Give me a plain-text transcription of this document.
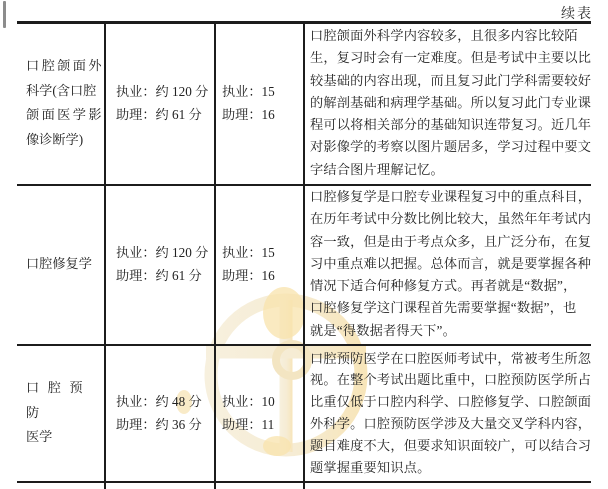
续表
口腔颌面外
科学(含口腔
颌面医学影
像诊断学)
执业：约 120 分
助理：约 61 分
执业：15
助理：16
口腔颌面外科学内容较多，且很多内容比较陌
生，复习时会有一定难度。但是考试中主要以比
较基础的内容出现，而且复习此门学科需要较好
的解剖基础和病理学基础。所以复习此门专业课
程可以将相关部分的基础知识连带复习。近几年
对影像学的考察以图片题居多，学习过程中要文
字结合图片理解记忆。
口腔修复学
执业：约 120 分
助理：约 61 分
执业：15
助理：16
口腔修复学是口腔专业课程复习中的重点科目，
在历年考试中分数比例比较大，虽然年年考试内
容一致，但是由于考点众多，且广泛分布，在复
习中重点难以把握。总体而言，就是要掌握各种
情况下适合何种修复方式。再者就是“数据”，
口腔修复学这门课程首先需要掌握“数据”，也
就是“得数据者得天下”。
口腔预防
医学
执业：约 48 分
助理：约 36 分
执业：10
助理：11
口腔预防医学在口腔医师考试中，常被考生所忽
视。在整个考试出题比重中，口腔预防医学所占
比重仅低于口腔内科学、口腔修复学、口腔颌面
外科学。口腔预防医学涉及大量交叉学科内容，
题目难度不大，但要求知识面较广，可以结合习
题掌握重要知识点。
